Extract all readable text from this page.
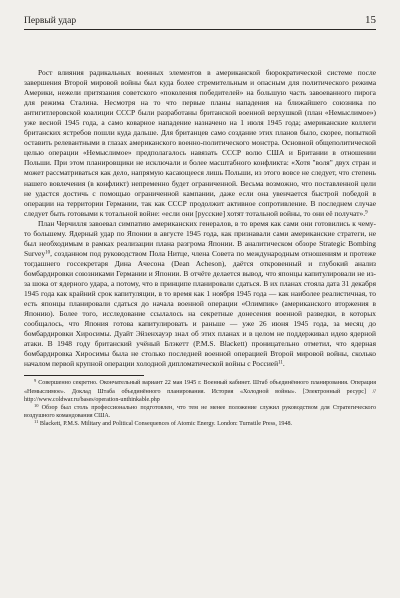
Первый удар	15

Рост влияния радикальных военных элементов в американской бюрократической системе после завершения Второй мировой войны был куда более стремительным и опасным для политического режима Америки, нежели притязания советского «поколения победителей» на большую часть завоеванного пирога для режима Сталина. Несмотря на то что первые планы нападения на ближайшего союзника по антигитлеровской коалиции СССР были разработаны британской военной верхушкой (план «Немыслимое») уже весной 1945 года, а само коварное нападение назначено на 1 июля 1945 года; американские коллеги британских ястребов пошли куда дальше. Для британцев само создание этих планов было, скорее, попыткой оставить релевантными в глазах американского военно-политического монстра. Основной общеполитической целью операции «Немыслимое» предполагалось навязать СССР волю США и Британии в отношении Польши. При этом планировщики не исключали и более масштабного конфликта: «Хотя "воля" двух стран и может рассматриваться как дело, напрямую касающееся лишь Польши, из этого вовсе не следует, что степень нашего вовлечения (в конфликт) непременно будет ограниченной. Весьма возможно, что поставленной цели не удастся достичь с помощью ограниченной кампании, даже если она увенчается быстрой победой в операции на территории Германии, так как СССР продолжит активное сопротивление. В последнем случае следует быть готовыми к тотальной войне: «если они [русские] хотят тотальной войны, то они её получат».$^9$

План Черчилля завоевал симпатию американских генералов, в то время как сами они готовились к чему-то большему. Ядерный удар по Японии в августе 1945 года, как признавали сами американские стратеги, не был необходимым в рамках реализации плана разгрома Японии. В аналитическом обзоре Strategic Bombing Survey$^{10}$, созданном под руководством Пола Нитце, члена Совета по международным отношениям и протеже тогдашнего госсекретаря Дина Ачесона (Dean Acheson), даётся откровенный и глубокий анализ бомбардировки союзниками Германии и Японии. В отчёте делается вывод, что японцы капитулировали не из-за шока от ядерного удара, а потому, что в принципе планировали сдаться. В их планах стояла дата 31 декабря 1945 года как крайний срок капитуляции, в то время как 1 ноября 1945 года — как наиболее реалистичная, то есть японцы планировали сдаться до начала военной операции «Олимпик» (американского вторжения в Японию). Более того, исследование ссылалось на секретные донесения военной разведки, в которых сообщалось, что Япония готова капитулировать и раньше — уже 26 июня 1945 года, за месяц до бомбардировки Хиросимы. Дуайт Эйзенхауэр знал об этих планах и в целом не поддерживал идею ядерной атаки. В 1948 году британский учёный Блэкетт (P.M.S. Blackett) проницательно отметил, что ядерная бомбардировка Хиросимы была не столько последней военной операцией Второй мировой войны, сколько началом первой крупной операции холодной дипломатической войны с Россией$^{11}$.

$^9$ Совершенно секретно. Окончательный вариант 22 мая 1945 г. Военный кабинет. Штаб объединённого планирования. Операция «Немыслимое». Доклад Штаба объединённого планирования. История «Холодной войны». [Электронный ресурс] // http://www.coldwar.ru/bases/operation-unthinkable.php

$^{10}$ Обзор был столь профессионально подготовлен, что тем не менее положение служил руководством для Стратегического воздушного командования США.

$^{11}$ Blackett, P.M.S. Military and Political Consequences of Atomic Energy. London: Turnstile Press, 1948.
